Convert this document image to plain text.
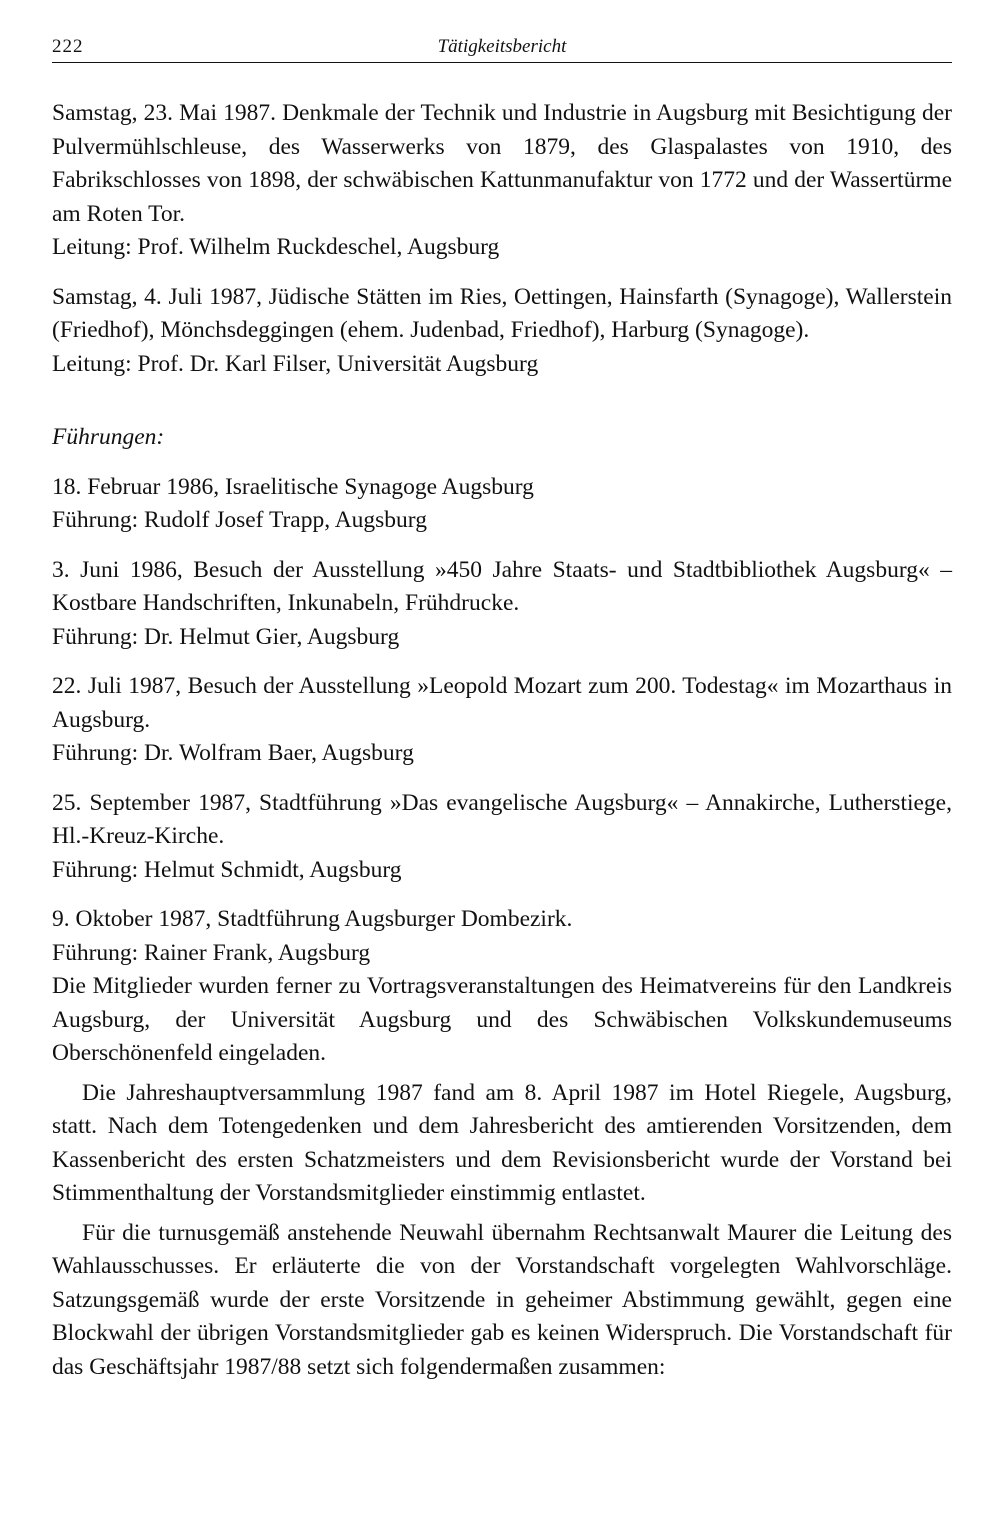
222	Tätigkeitsbericht
Samstag, 23. Mai 1987. Denkmale der Technik und Industrie in Augsburg mit Besichtigung der Pulvermühlschleuse, des Wasserwerks von 1879, des Glaspalastes von 1910, des Fabrikschlosses von 1898, der schwäbischen Kattunmanufaktur von 1772 und der Wassertürme am Roten Tor.
Leitung: Prof. Wilhelm Ruckdeschel, Augsburg
Samstag, 4. Juli 1987, Jüdische Stätten im Ries, Oettingen, Hainsfarth (Synagoge), Wallerstein (Friedhof), Mönchsdeggingen (ehem. Judenbad, Friedhof), Harburg (Synagoge).
Leitung: Prof. Dr. Karl Filser, Universität Augsburg
Führungen:
18. Februar 1986, Israelitische Synagoge Augsburg
Führung: Rudolf Josef Trapp, Augsburg
3. Juni 1986, Besuch der Ausstellung »450 Jahre Staats- und Stadtbibliothek Augsburg« – Kostbare Handschriften, Inkunabeln, Frühdrucke.
Führung: Dr. Helmut Gier, Augsburg
22. Juli 1987, Besuch der Ausstellung »Leopold Mozart zum 200. Todestag« im Mozarthaus in Augsburg.
Führung: Dr. Wolfram Baer, Augsburg
25. September 1987, Stadtführung »Das evangelische Augsburg« – Annakirche, Lutherstiege, Hl.-Kreuz-Kirche.
Führung: Helmut Schmidt, Augsburg
9. Oktober 1987, Stadtführung Augsburger Dombezirk.
Führung: Rainer Frank, Augsburg

Die Mitglieder wurden ferner zu Vortragsveranstaltungen des Heimatvereins für den Landkreis Augsburg, der Universität Augsburg und des Schwäbischen Volkskundemuseums Oberschönenfeld eingeladen.

Die Jahreshauptversammlung 1987 fand am 8. April 1987 im Hotel Riegele, Augsburg, statt. Nach dem Totengedenken und dem Jahresbericht des amtierenden Vorsitzenden, dem Kassenbericht des ersten Schatzmeisters und dem Revisionsbericht wurde der Vorstand bei Stimmenthaltung der Vorstandsmitglieder einstimmig entlastet.

Für die turnusgemäß anstehende Neuwahl übernahm Rechtsanwalt Maurer die Leitung des Wahlausschusses. Er erläuterte die von der Vorstandschaft vorgelegten Wahlvorschläge. Satzungsgemäß wurde der erste Vorsitzende in geheimer Abstimmung gewählt, gegen eine Blockwahl der übrigen Vorstandsmitglieder gab es keinen Widerspruch. Die Vorstandschaft für das Geschäftsjahr 1987/88 setzt sich folgendermaßen zusammen:
